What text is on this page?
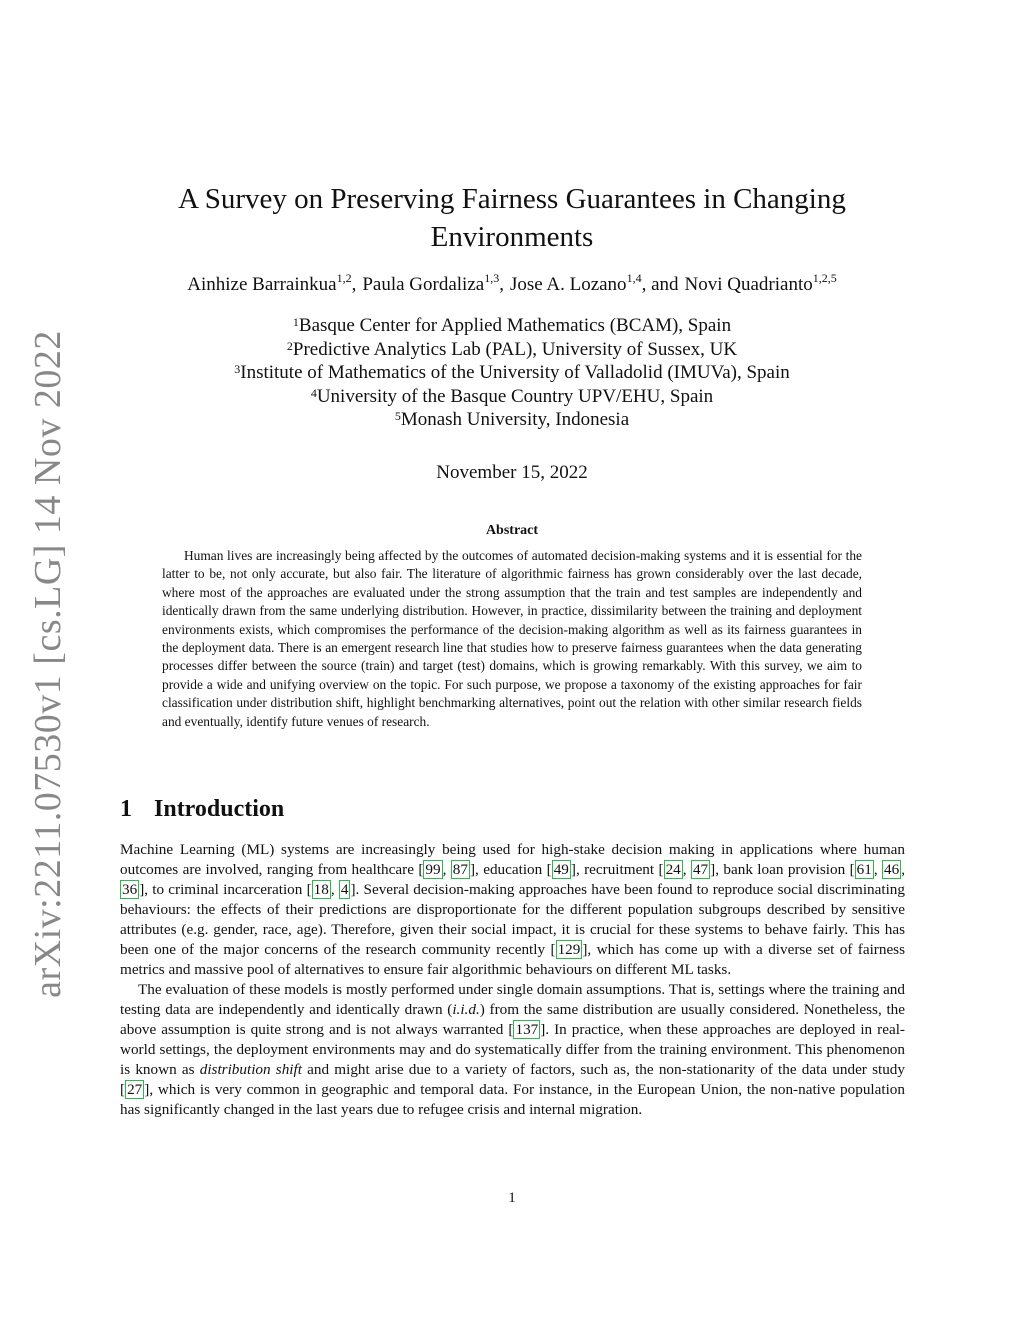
arXiv:2211.07530v1 [cs.LG] 14 Nov 2022
A Survey on Preserving Fairness Guarantees in Changing Environments
Ainhize Barrainkua$^{1,2}$, Paula Gordaliza$^{1,3}$, Jose A. Lozano$^{1,4}$, and Novi Quadrianto$^{1,2,5}$
$^1$Basque Center for Applied Mathematics (BCAM), Spain
$^2$Predictive Analytics Lab (PAL), University of Sussex, UK
$^3$Institute of Mathematics of the University of Valladolid (IMUVa), Spain
$^4$University of the Basque Country UPV/EHU, Spain
$^5$Monash University, Indonesia
November 15, 2022
Abstract

Human lives are increasingly being affected by the outcomes of automated decision-making systems and it is essential for the latter to be, not only accurate, but also fair. The literature of algorithmic fairness has grown considerably over the last decade, where most of the approaches are evaluated under the strong assumption that the train and test samples are independently and identically drawn from the same underlying distribution. However, in practice, dissimilarity between the training and deployment environments exists, which compromises the performance of the decision-making algorithm as well as its fairness guarantees in the deployment data. There is an emergent research line that studies how to preserve fairness guarantees when the data generating processes differ between the source (train) and target (test) domains, which is growing remarkably. With this survey, we aim to provide a wide and unifying overview on the topic. For such purpose, we propose a taxonomy of the existing approaches for fair classification under distribution shift, highlight benchmarking alternatives, point out the relation with other similar research fields and eventually, identify future venues of research.

1 Introduction

Machine Learning (ML) systems are increasingly being used for high-stake decision making in applications where human outcomes are involved, ranging from healthcare [ 99 , 87 ], education [ 49 ], recruitment [ 24 , 47 ], bank loan provision [ 61 , 46 , 36 ], to criminal incarceration [ 18 , 4 ]. Several decision-making approaches have been found to reproduce social discriminating behaviours: the effects of their predictions are disproportionate for the different population subgroups described by sensitive attributes (e.g. gender, race, age). Therefore, given their social impact, it is crucial for these systems to behave fairly. This has been one of the major concerns of the research community recently [ 129 ], which has come up with a diverse set of fairness metrics and massive pool of alternatives to ensure fair algorithmic behaviours on different ML tasks.

The evaluation of these models is mostly performed under single domain assumptions. That is, settings where the training and testing data are independently and identically drawn (i.i.d.) from the same distribution are usually considered. Nonetheless, the above assumption is quite strong and is not always warranted [ 137 ]. In practice, when these approaches are deployed in real-world settings, the deployment environments may and do systematically differ from the training environment. This phenomenon is known as distribution shift and might arise due to a variety of factors, such as, the non-stationarity of the data under study [ 27 ], which is very common in geographic and temporal data. For instance, in the European Union, the non-native population has significantly changed in the last years due to refugee crisis and internal migration.

1
